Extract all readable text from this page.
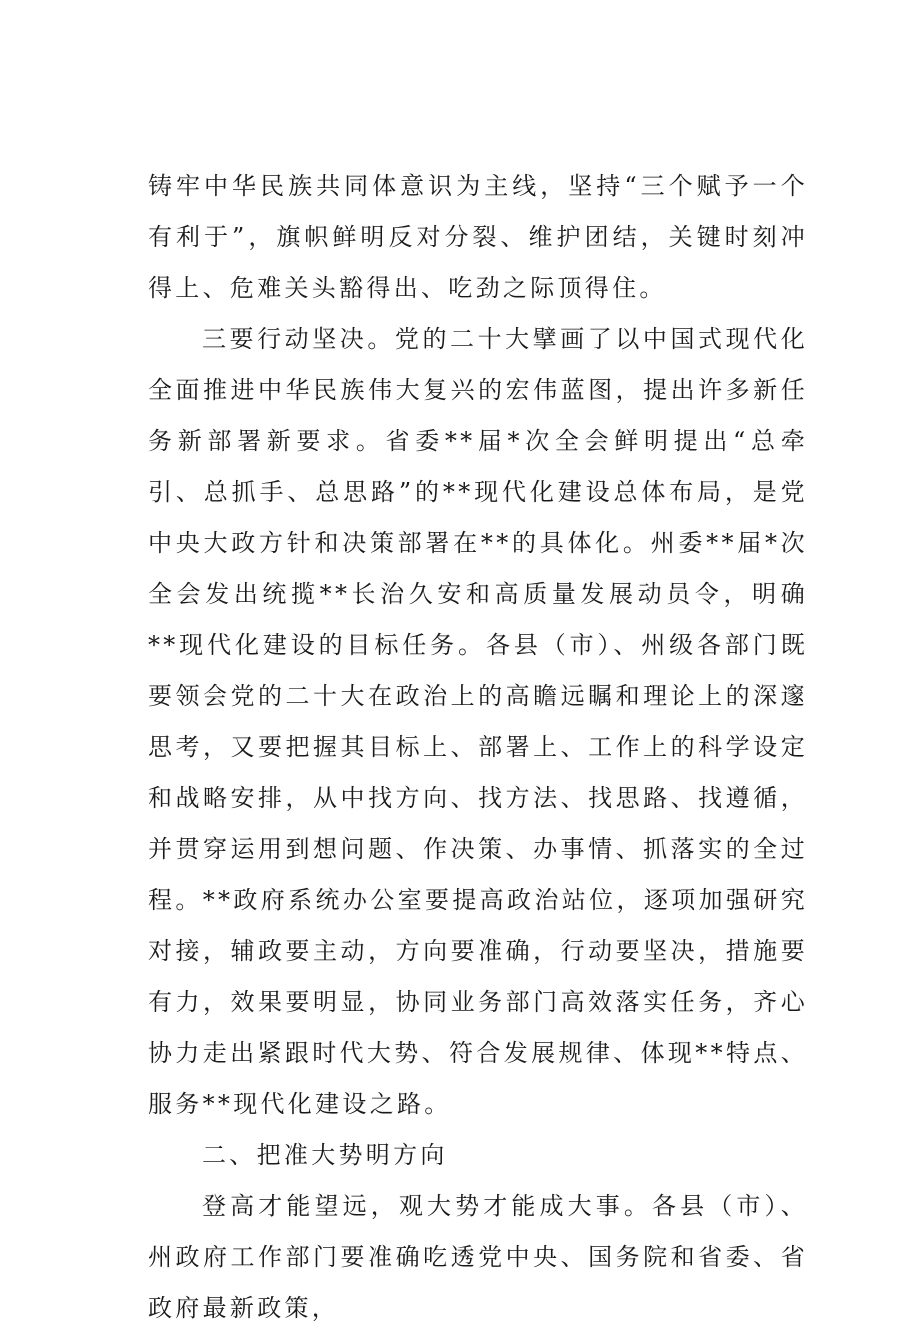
铸牢中华民族共同体意识为主线，坚持“三个赋予一个有利于”，旗帜鲜明反对分裂、维护团结，关键时刻冲得上、危难关头豁得出、吃劲之际顶得住。

三要行动坚决。党的二十大擘画了以中国式现代化全面推进中华民族伟大复兴的宏伟蓝图，提出许多新任务新部署新要求。省委**届*次全会鲜明提出“总牵引、总抓手、总思路”的**现代化建设总体布局，是党中央大政方针和决策部署在**的具体化。州委**届*次全会发出统揽**长治久安和高质量发展动员令，明确**现代化建设的目标任务。各县（市）、州级各部门既要领会党的二十大在政治上的高瞻远瞩和理论上的深邃思考，又要把握其目标上、部署上、工作上的科学设定和战略安排，从中找方向、找方法、找思路、找遵循，并贯穿运用到想问题、作决策、办事情、抓落实的全过程。**政府系统办公室要提高政治站位，逐项加强研究对接，辅政要主动，方向要准确，行动要坚决，措施要有力，效果要明显，协同业务部门高效落实任务，齐心协力走出紧跟时代大势、符合发展规律、体现**特点、服务**现代化建设之路。

二、把准大势明方向

登高才能望远，观大势才能成大事。各县（市）、州政府工作部门要准确吃透党中央、国务院和省委、省政府最新政策，
